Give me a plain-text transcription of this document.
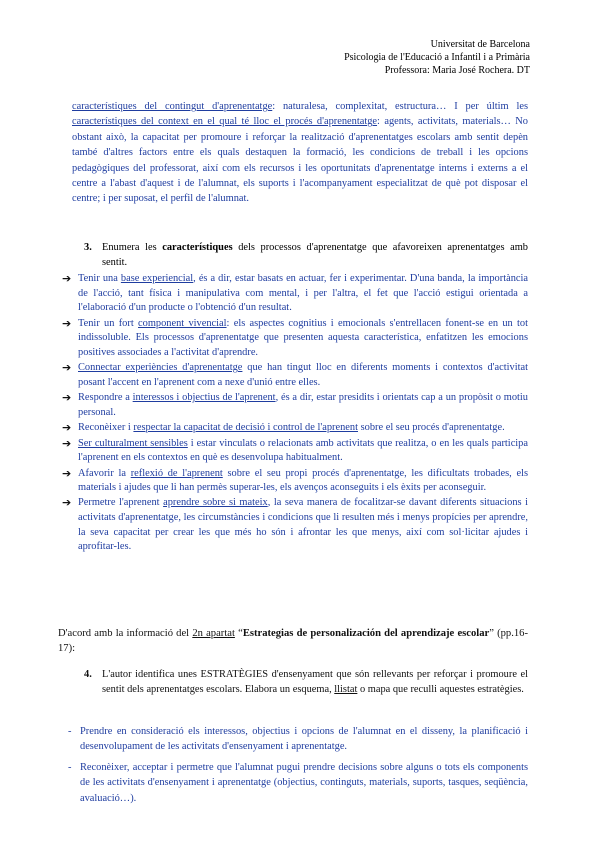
Universitat de Barcelona
Psicologia de l'Educació a Infantil i a Primària
Professora: Maria José Rochera. DT

característiques del contingut d'aprenentatge: naturalesa, complexitat, estructura… I per últim les característiques del context en el qual té lloc el procés d'aprenentatge: agents, activitats, materials… No obstant això, la capacitat per promoure i reforçar la realització d'aprenentatges escolars amb sentit depèn també d'altres factors entre els quals destaquen la formació, les condicions de treball i les opcions pedagògiques del professorat, així com els recursos i les oportunitats d'aprenentatge interns i externs a el centre a l'abast d'aquest i de l'alumnat, els suports i l'acompanyament especialitzat de què pot disposar el centre; i per suposat, el perfil de l'alumnat.

3. Enumera les característiques dels processos d'aprenentatge que afavoreixen aprenentatges amb sentit.

➔ Tenir una base experiencial, és a dir, estar basats en actuar, fer i experimentar. D'una banda, la importància de l'acció, tant física i manipulativa com mental, i per l'altra, el fet que l'acció estigui orientada a l'elaboració d'un producte o l'obtenció d'un resultat.
➔ Tenir un fort component vivencial: els aspectes cognitius i emocionals s'entrellacen fonent-se en un tot indissoluble. Els processos d'aprenentatge que presenten aquesta característica, enfatitzen les emocions positives associades a l'activitat d'aprendre.
➔ Connectar experiències d'aprenentatge que han tingut lloc en diferents moments i contextos d'activitat posant l'accent en l'aprenent com a nexe d'unió entre elles.
➔ Respondre a interessos i objectius de l'aprenent, és a dir, estar presidits i orientats cap a un propòsit o motiu personal.
➔ Reconèixer i respectar la capacitat de decisió i control de l'aprenent sobre el seu procés d'aprenentatge.
➔ Ser culturalment sensibles i estar vinculats o relacionats amb activitats que realitza, o en les quals participa l'aprenent en els contextos en què es desenvolupa habitualment.
➔ Afavorir la reflexió de l'aprenent sobre el seu propi procés d'aprenentatge, les dificultats trobades, els materials i ajudes que li han permès superar-les, els avenços aconseguits i els èxits per aconseguir.
➔ Permetre l'aprenent aprendre sobre si mateix, la seva manera de focalitzar-se davant diferents situacions i activitats d'aprenentatge, les circumstàncies i condicions que li resulten més i menys propícies per aprendre, la seva capacitat per crear les que més ho són i afrontar les que menys, així com sol·licitar ajudes i aprofitar-les.

D'acord amb la informació del 2n apartat “Estrategias de personalización del aprendizaje escolar” (pp.16-17):

4. L'autor identifica unes ESTRATÈGIES d'ensenyament que són rellevants per reforçar i promoure el sentit dels aprenentatges escolars. Elabora un esquema, llistat o mapa que reculli aquestes estratègies.

- Prendre en consideració els interessos, objectius i opcions de l'alumnat en el disseny, la planificació i desenvolupament de les activitats d'ensenyament i aprenentatge.
- Reconèixer, acceptar i permetre que l'alumnat pugui prendre decisions sobre alguns o tots els components de les activitats d'ensenyament i aprenentatge (objectius, continguts, materials, suports, tasques, seqüència, avaluació…).
